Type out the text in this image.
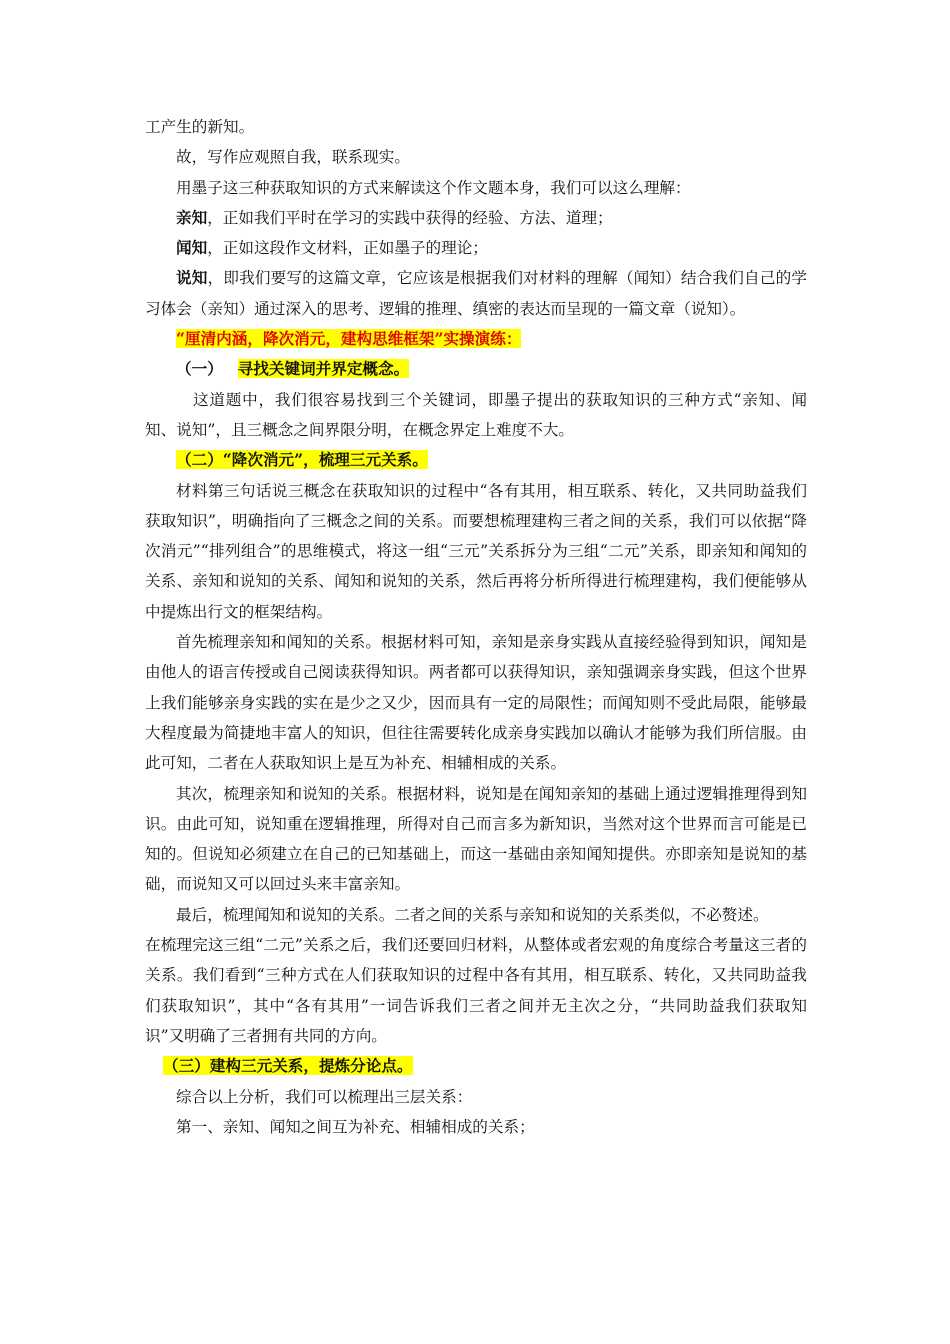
工产生的新知。

故，写作应观照自我，联系现实。

用墨子这三种获取知识的方式来解读这个作文题本身，我们可以这么理解：

亲知，正如我们平时在学习的实践中获得的经验、方法、道理；

闻知，正如这段作文材料，正如墨子的理论；

说知，即我们要写的这篇文章，它应该是根据我们对材料的理解（闻知）结合我们自己的学习体会（亲知）通过深入的思考、逻辑的推理、缜密的表达而呈现的一篇文章（说知）。

“厘清内涵，降次消元，建构思维框架”实操演练：

（一） 寻找关键词并界定概念。

这道题中，我们很容易找到三个关键词，即墨子提出的获取知识的三种方式“亲知、闻知、说知”，且三概念之间界限分明，在概念界定上难度不大。

（二）“降次消元”，梳理三元关系。

材料第三句话说三概念在获取知识的过程中“各有其用，相互联系、转化，又共同助益我们获取知识”，明确指向了三概念之间的关系。而要想梳理建构三者之间的关系，我们可以依据“降次消元”“排列组合”的思维模式，将这一组“三元”关系拆分为三组“二元”关系，即亲知和闻知的关系、亲知和说知的关系、闻知和说知的关系，然后再将分析所得进行梳理建构，我们便能够从中提炼出行文的框架结构。

首先梳理亲知和闻知的关系。根据材料可知，亲知是亲身实践从直接经验得到知识，闻知是由他人的语言传授或自己阅读获得知识。两者都可以获得知识，亲知强调亲身实践，但这个世界上我们能够亲身实践的实在是少之又少，因而具有一定的局限性；而闻知则不受此局限，能够最大程度最为简捷地丰富人的知识，但往往需要转化成亲身实践加以确认才能够为我们所信服。由此可知，二者在人获取知识上是互为补充、相辅相成的关系。

其次，梳理亲知和说知的关系。根据材料，说知是在闻知亲知的基础上通过逻辑推理得到知识。由此可知，说知重在逻辑推理，所得对自己而言多为新知识，当然对这个世界而言可能是已知的。但说知必须建立在自己的已知基础上，而这一基础由亲知闻知提供。亦即亲知是说知的基础，而说知又可以回过头来丰富亲知。

最后，梳理闻知和说知的关系。二者之间的关系与亲知和说知的关系类似，不必赘述。

在梳理完这三组“二元”关系之后，我们还要回归材料，从整体或者宏观的角度综合考量这三者的关系。我们看到“三种方式在人们获取知识的过程中各有其用，相互联系、转化，又共同助益我们获取知识”，其中“各有其用”一词告诉我们三者之间并无主次之分，“共同助益我们获取知识”又明确了三者拥有共同的方向。

（三）建构三元关系，提炼分论点。

综合以上分析，我们可以梳理出三层关系：

第一、亲知、闻知之间互为补充、相辅相成的关系；
